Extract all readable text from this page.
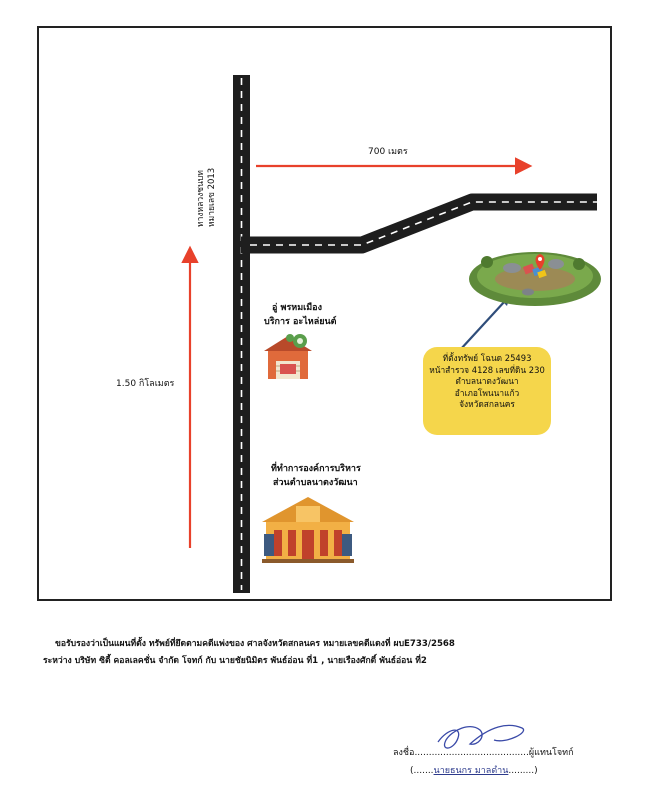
ทางหลวงชนบท หมายเลข 2013
700 เมตร
1.50 กิโลเมตร
อู่ พรหมเมือง
บริการ อะไหล่ยนต์
ที่ทำการองค์การบริหาร
ส่วนตำบลนาตงวัฒนา
ที่ตั้งทรัพย์ โฉนด 25493
หน้าสำรวจ 4128 เลขที่ดิน 230
ตำบลนาตงวัฒนา
อำเภอโพนนาแก้ว
จังหวัดสกลนคร
ขอรับรองว่าเป็นแผนที่ตั้ง ทรัพย์ที่ยึดตามคดีแพ่งของ ศาลจังหวัดสกลนคร หมายเลขคดีแดงที่ ผบE733/2568
ระหว่าง บริษัท ซิตี้ คอลเลคชั่น จำกัด โจทก์ กับ นายชัยนิมิตร พันธ์อ่อน ที่1 , นายเรืองศักดิ์ พันธ์อ่อน ที่2
ลงชื่อ........................................ผู้แทนโจทก์
(.......นายธนกร มาลดำน.........)
